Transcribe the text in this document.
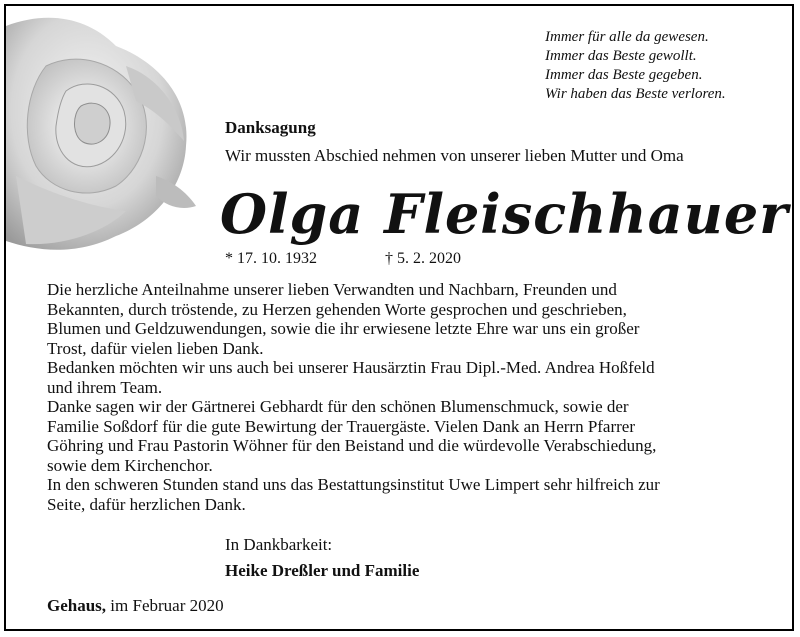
Immer für alle da gewesen.
Immer das Beste gewollt.
Immer das Beste gegeben.
Wir haben das Beste verloren.
Danksagung
Wir mussten Abschied nehmen von unserer lieben Mutter und Oma
Olga Fleischhauer
* 17. 10. 1932	† 5. 2. 2020
Die herzliche Anteilnahme unserer lieben Verwandten und Nachbarn, Freunden und
Bekannten, durch tröstende, zu Herzen gehenden Worte gesprochen und geschrieben,
Blumen und Geldzuwendungen, sowie die ihr erwiesene letzte Ehre war uns ein großer
Trost, dafür vielen lieben Dank.
Bedanken möchten wir uns auch bei unserer Hausärztin Frau Dipl.-Med. Andrea Hoßfeld
und ihrem Team.
Danke sagen wir der Gärtnerei Gebhardt für den schönen Blumenschmuck, sowie der
Familie Soßdorf für die gute Bewirtung der Trauergäste. Vielen Dank an Herrn Pfarrer
Göhring und Frau Pastorin Wöhner für den Beistand und die würdevolle Verabschiedung,
sowie dem Kirchenchor.
In den schweren Stunden stand uns das Bestattungsinstitut Uwe Limpert sehr hilfreich zur
Seite, dafür herzlichen Dank.
In Dankbarkeit:
Heike Dreßler und Familie
Gehaus, im Februar 2020
